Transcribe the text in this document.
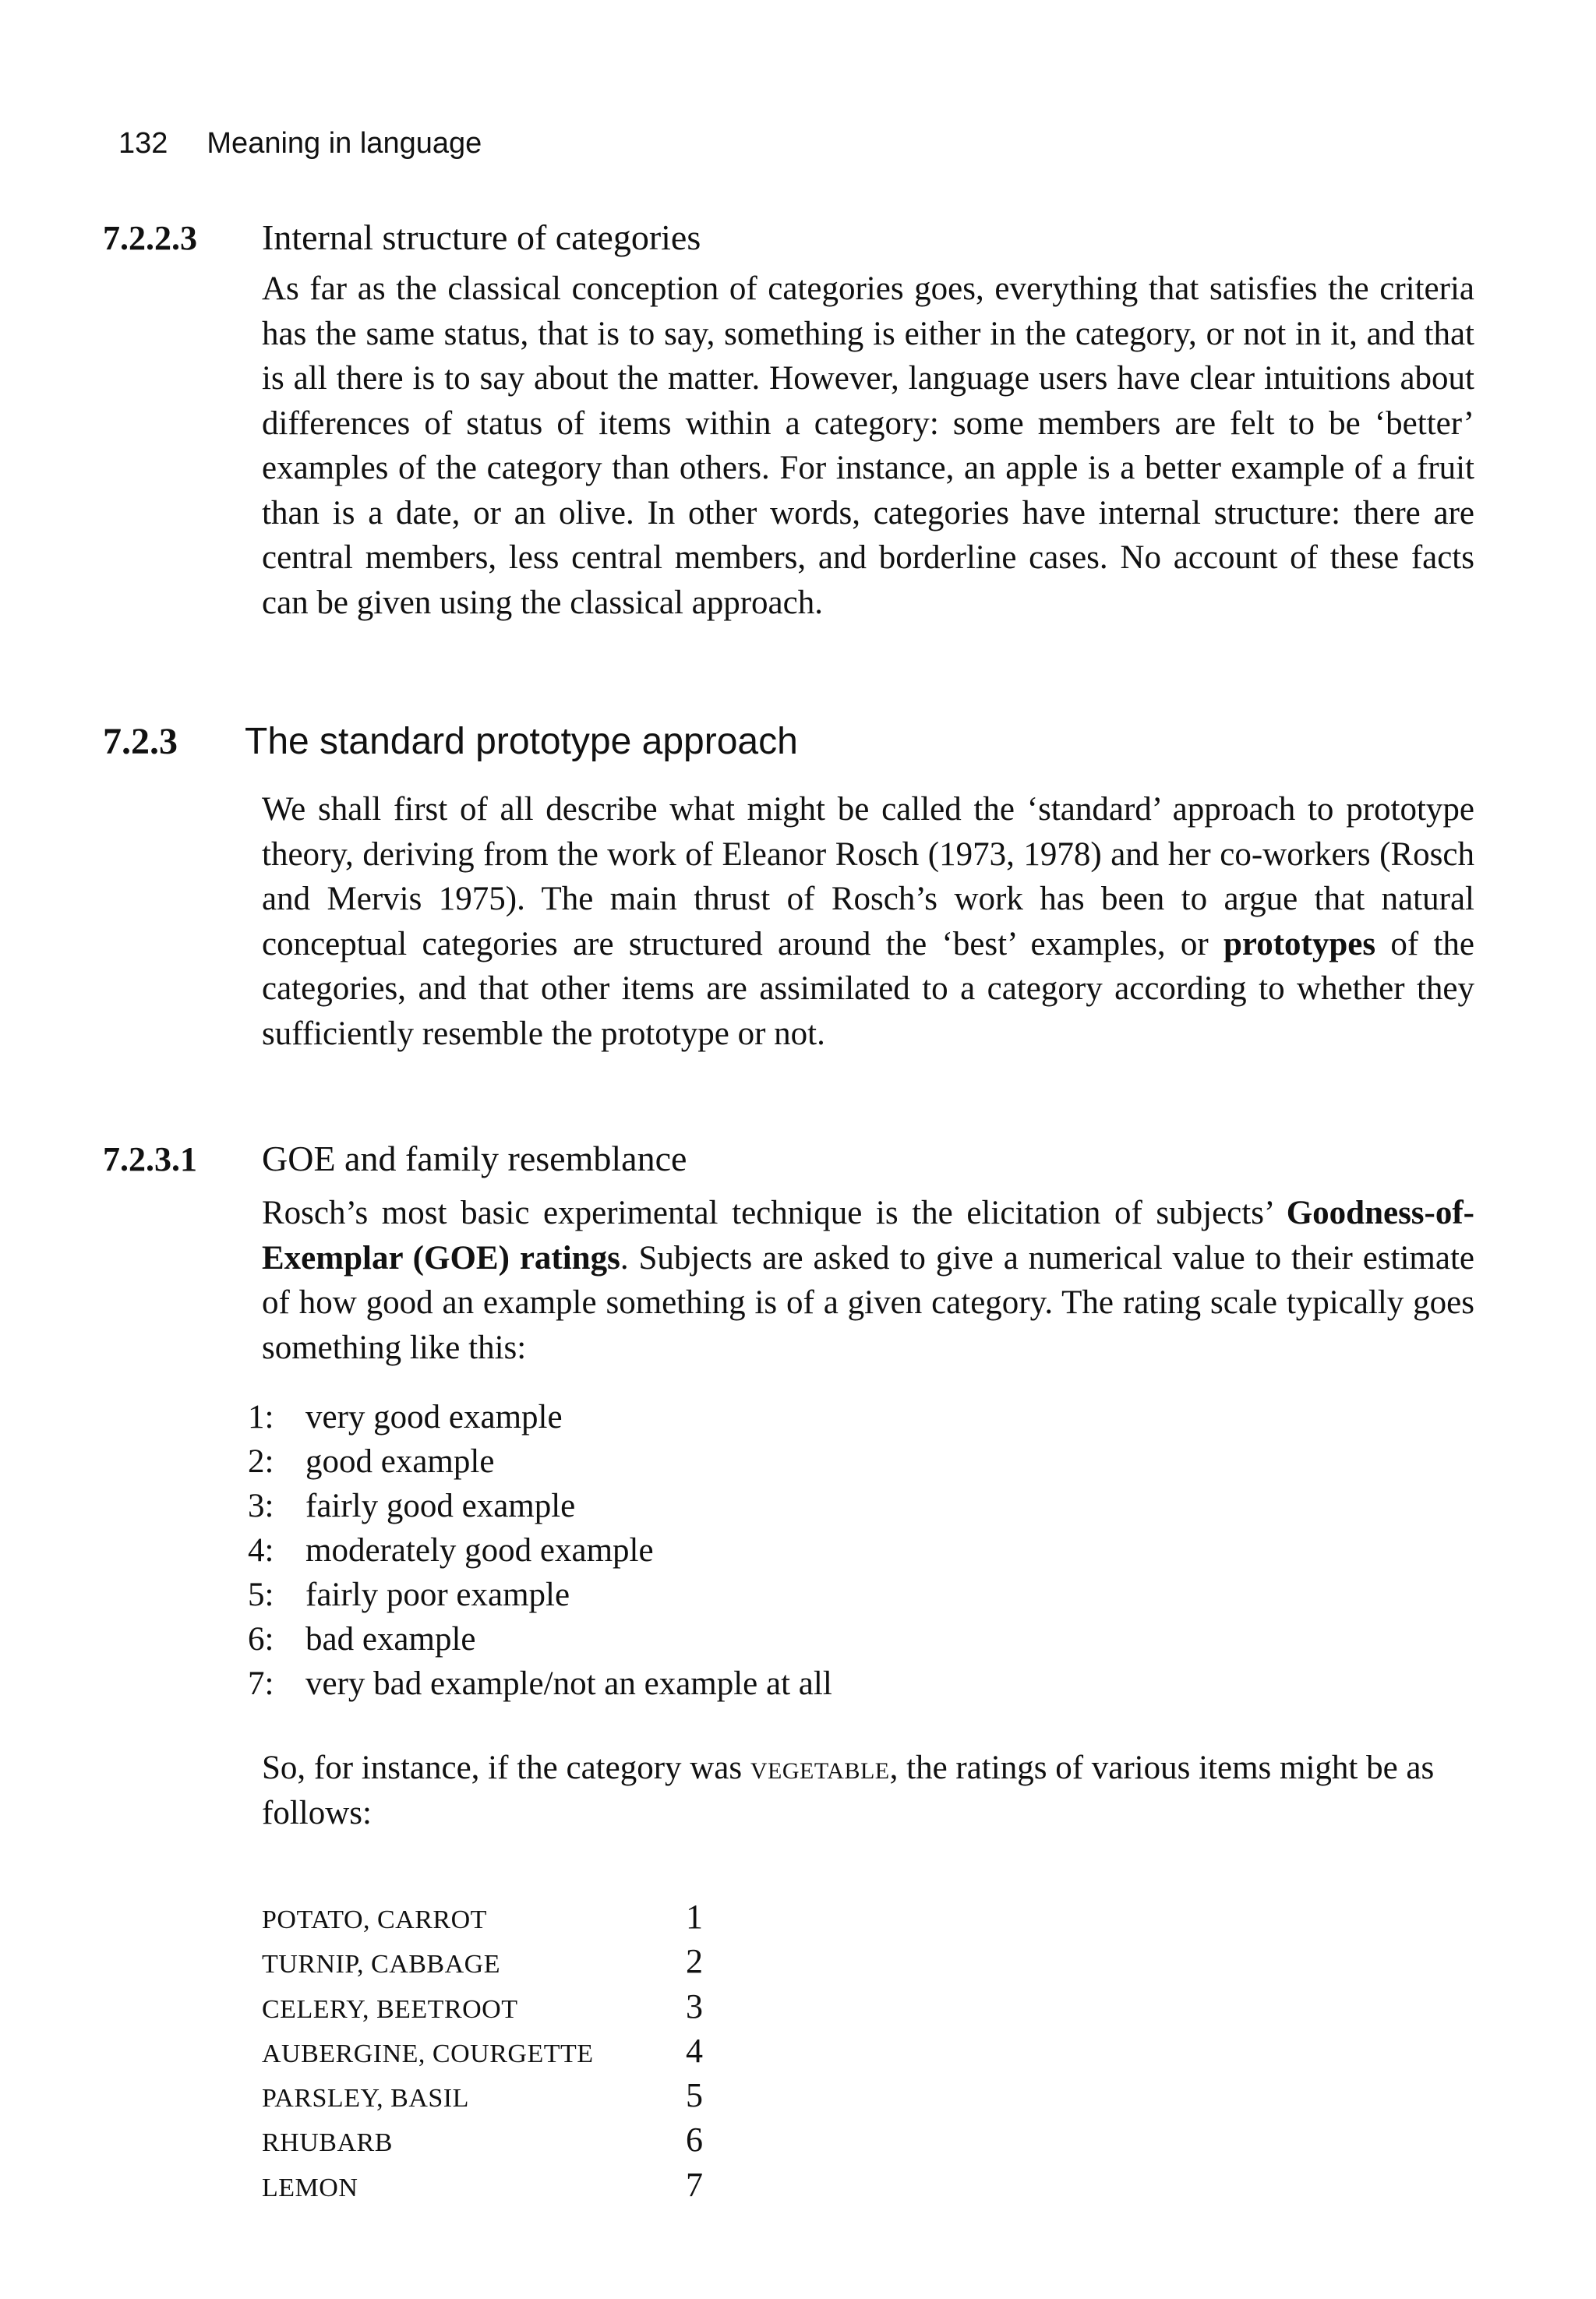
132 Meaning in language
7.2.2.3	Internal structure of categories

As far as the classical conception of categories goes, everything that satisfies the criteria has the same status, that is to say, something is either in the category, or not in it, and that is all there is to say about the matter. However, language users have clear intuitions about differences of status of items within a category: some members are felt to be ‘better’ examples of the category than others. For instance, an apple is a better example of a fruit than is a date, or an olive. In other words, categories have internal structure: there are central members, less central members, and borderline cases. No account of these facts can be given using the classical approach.

7.2.3	The standard prototype approach

We shall first of all describe what might be called the ‘standard’ approach to prototype theory, deriving from the work of Eleanor Rosch (1973, 1978) and her co-workers (Rosch and Mervis 1975). The main thrust of Rosch’s work has been to argue that natural conceptual categories are structured around the ‘best’ examples, or prototypes of the categories, and that other items are assimilated to a category according to whether they sufficiently resemble the prototype or not.

7.2.3.1	GOE and family resemblance

Rosch’s most basic experimental technique is the elicitation of subjects’ Goodness-of-Exemplar (GOE) ratings. Subjects are asked to give a numerical value to their estimate of how good an example something is of a given category. The rating scale typically goes something like this:

1: very good example
2: good example
3: fairly good example
4: moderately good example
5: fairly poor example
6: bad example
7: very bad example/not an example at all

So, for instance, if the category was vegetable, the ratings of various items might be as follows:

POTATO, CARROT	1
TURNIP, CABBAGE	2
CELERY, BEETROOT	3
AUBERGINE, COURGETTE	4
PARSLEY, BASIL	5
RHUBARB	6
LEMON	7
